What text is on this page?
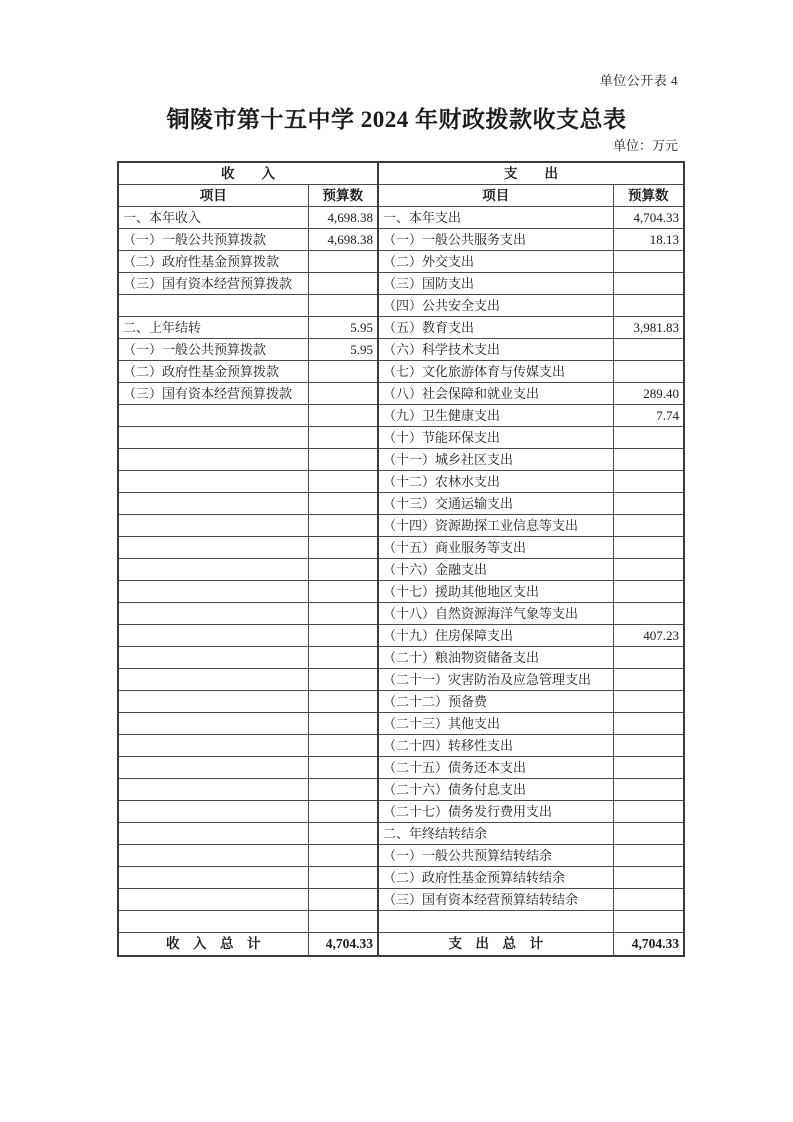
单位公开表 4
铜陵市第十五中学 2024 年财政拨款收支总表
单位：万元
收　　入		支　　出	
项目	预算数	项目	预算数
一、本年收入	4,698.38	一、本年支出	4,704.33
（一）一般公共预算拨款	4,698.38	（一）一般公共服务支出	18.13
（二）政府性基金预算拨款		（二）外交支出	
（三）国有资本经营预算拨款		（三）国防支出	
		（四）公共安全支出	
二、上年结转	5.95	（五）教育支出	3,981.83
（一）一般公共预算拨款	5.95	（六）科学技术支出	
（二）政府性基金预算拨款		（七）文化旅游体育与传媒支出	
（三）国有资本经营预算拨款		（八）社会保障和就业支出	289.40
		（九）卫生健康支出	7.74
		（十）节能环保支出	
		（十一）城乡社区支出	
		（十二）农林水支出	
		（十三）交通运输支出	
		（十四）资源勘探工业信息等支出	
		（十五）商业服务等支出	
		（十六）金融支出	
		（十七）援助其他地区支出	
		（十八）自然资源海洋气象等支出	
		（十九）住房保障支出	407.23
		（二十）粮油物资储备支出	
		（二十一）灾害防治及应急管理支出	
		（二十二）预备费	
		（二十三）其他支出	
		（二十四）转移性支出	
		（二十五）债务还本支出	
		（二十六）债务付息支出	
		（二十七）债务发行费用支出	
		二、年终结转结余	
		（一）一般公共预算结转结余	
		（二）政府性基金预算结转结余	
		（三）国有资本经营预算结转结余	

收　入　总　计	4,704.33	支　出　总　计	4,704.33
